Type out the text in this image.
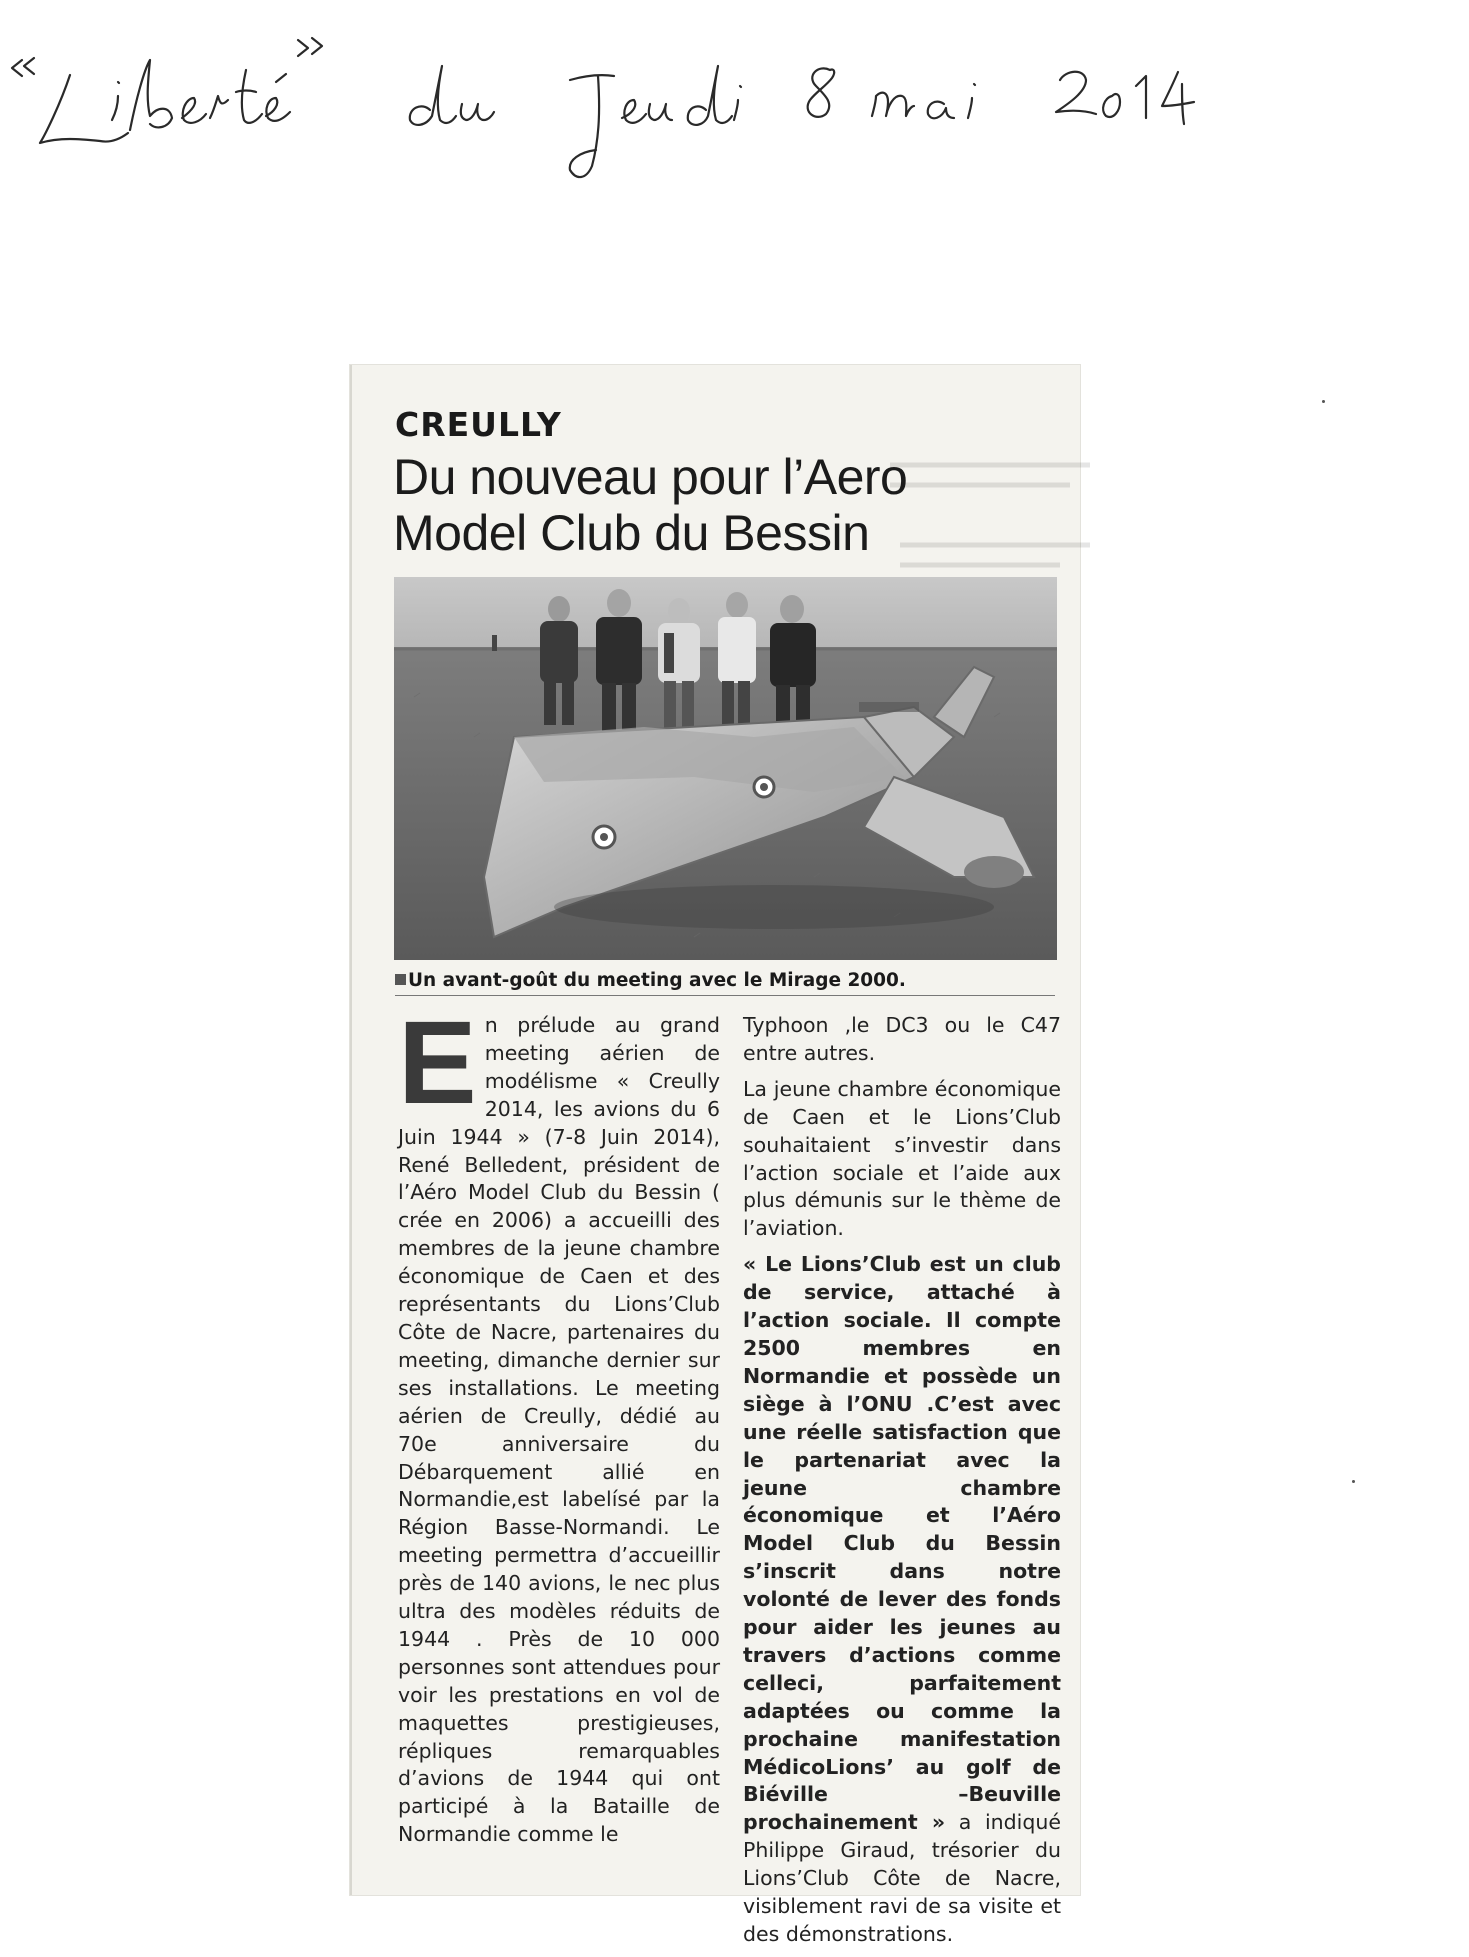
CREULLY
Du nouveau pour l’Aero
Model Club du Bessin
Un avant-goût du meeting avec le Mirage 2000.
En prélude au grand meeting aérien de modélisme « Creully 2014, les avions du 6 Juin 1944 » (7-8 Juin 2014), René Belledent, président de l’Aéro Model Club du Bessin ( crée en 2006) a accueilli des membres de la jeune chambre économique de Caen et des représentants du Lions’Club Côte de Nacre, partenaires du meeting, dimanche dernier sur ses installations. Le meeting aérien de Creully, dédié au 70e anniversaire du Débarquement allié en Normandie,est labelísé par la Région Basse-Normandi. Le meeting permettra d’accueillir près de 140 avions, le nec plus ultra des modèles réduits de 1944 . Près de 10 000 personnes sont attendues pour voir les prestations en vol de maquettes prestigieuses, répliques remarquables d’avions de 1944 qui ont participé à la Bataille de Normandie comme le

Typhoon ,le DC3 ou le C47 entre autres.

La jeune chambre économique de Caen et le Lions’Club souhaitaient s’investir dans l’action sociale et l’aide aux plus démunis sur le thème de l’aviation.

« Le Lions’Club est un club de service, attaché à l’action sociale. Il compte 2500 membres en Normandie et possède un siège à l’ONU .C’est avec une réelle satisfaction que le partenariat avec la jeune chambre économique et l’Aéro Model Club du Bessin s’inscrit dans notre volonté de lever des fonds pour aider les jeunes au travers d’actions comme celleci, parfaitement adaptées ou comme la prochaine manifestation MédicoLions’ au golf de Biéville –Beuville prochainement » a indiqué Philippe Giraud, trésorier du Lions’Club Côte de Nacre, visiblement ravi de sa visite et des démonstrations.
